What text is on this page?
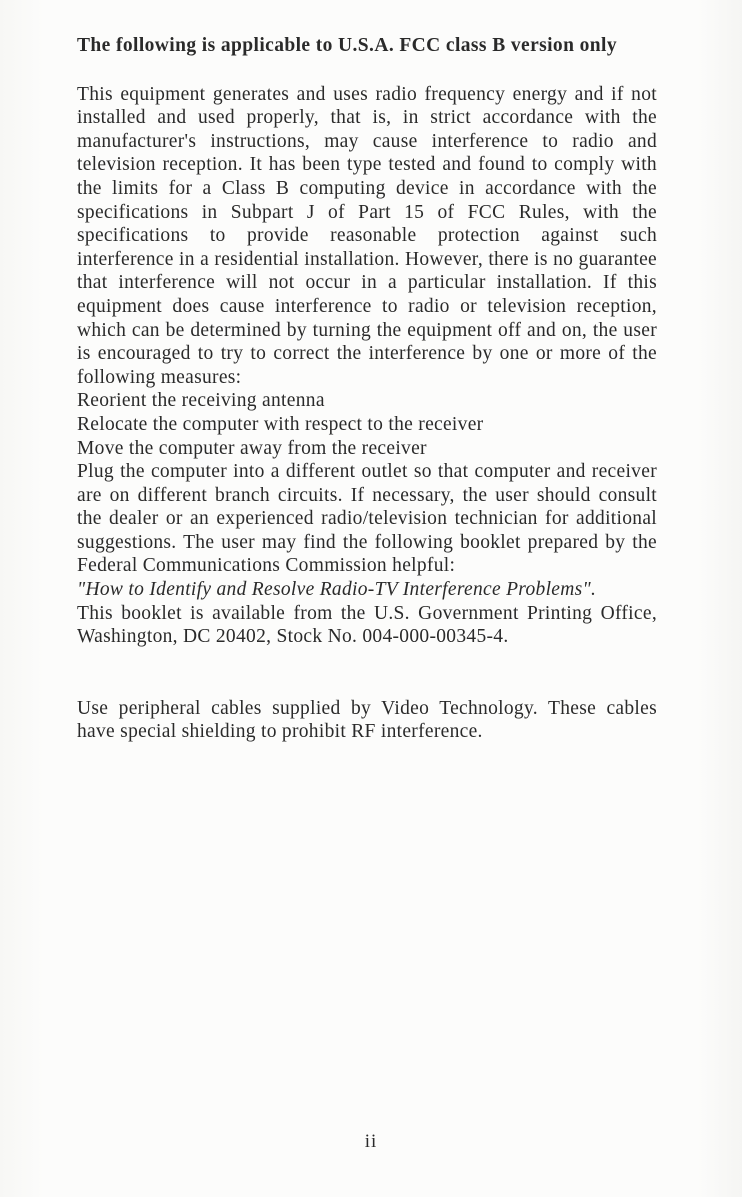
The following is applicable to U.S.A. FCC class B version only

This equipment generates and uses radio frequency energy and if not installed and used properly, that is, in strict accordance with the manufacturer's instructions, may cause interference to radio and television reception. It has been type tested and found to comply with the limits for a Class B computing device in accordance with the specifications in Subpart J of Part 15 of FCC Rules, with the specifications to provide reasonable protection against such interference in a residential installation. However, there is no guarantee that interference will not occur in a particular installation. If this equipment does cause interference to radio or television reception, which can be determined by turning the equipment off and on, the user is encouraged to try to correct the interference by one or more of the following measures:

Reorient the receiving antenna

Relocate the computer with respect to the receiver

Move the computer away from the receiver

Plug the computer into a different outlet so that computer and receiver are on different branch circuits. If necessary, the user should consult the dealer or an experienced radio/television technician for additional suggestions. The user may find the following booklet prepared by the Federal Communications Commission helpful:

"How to Identify and Resolve Radio-TV Interference Problems".

This booklet is available from the U.S. Government Printing Office, Washington, DC 20402, Stock No. 004-000-00345-4.

Use peripheral cables supplied by Video Technology. These cables have special shielding to prohibit RF interference.

ii
